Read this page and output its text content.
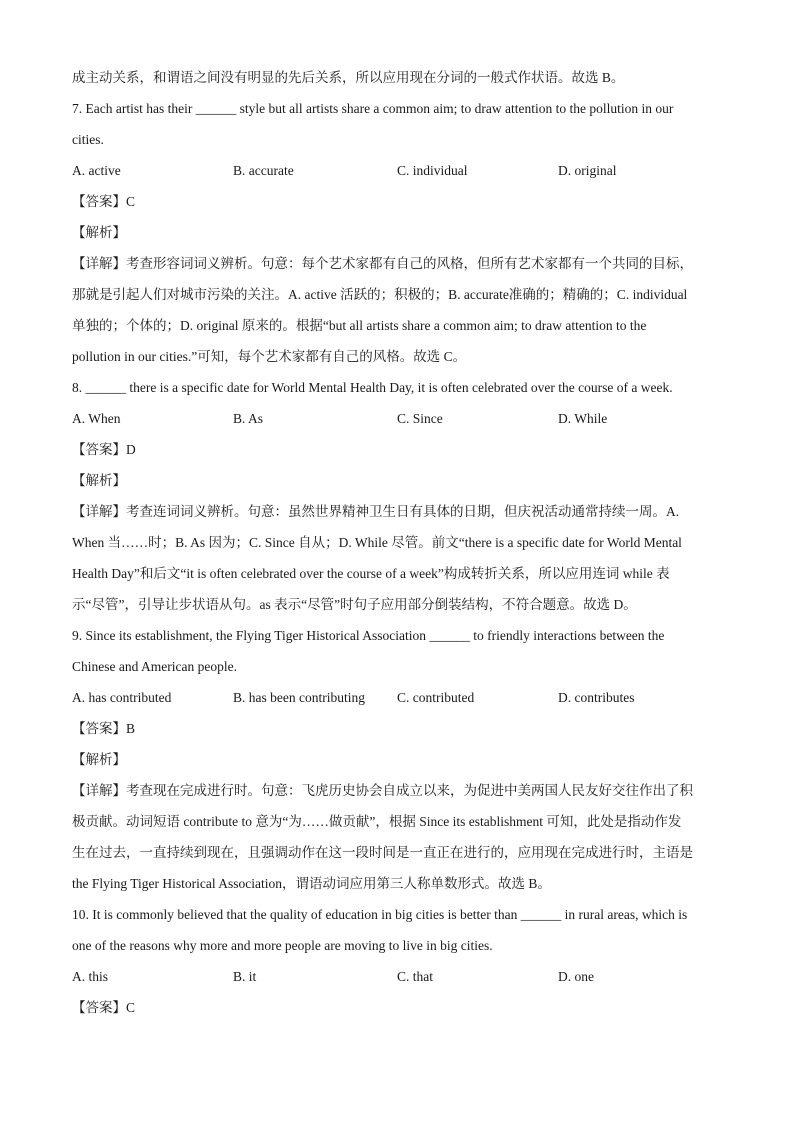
成主动关系，和谓语之间没有明显的先后关系，所以应用现在分词的一般式作状语。故选 B。
7. Each artist has their ______ style but all artists share a common aim; to draw attention to the pollution in our
cities.
A. active	B. accurate	C. individual	D. original
【答案】C
【解析】
【详解】考查形容词词义辨析。句意：每个艺术家都有自己的风格，但所有艺术家都有一个共同的目标，
那就是引起人们对城市污染的关注。A. active 活跃的；积极的；B. accurate准确的；精确的；C. individual
单独的；个体的；D. original 原来的。根据“but all artists share a common aim; to draw attention to the
pollution in our cities.”可知，每个艺术家都有自己的风格。故选 C。
8. ______ there is a specific date for World Mental Health Day, it is often celebrated over the course of a week.
A. When	B. As	C. Since	D. While
【答案】D
【解析】
【详解】考查连词词义辨析。句意：虽然世界精神卫生日有具体的日期，但庆祝活动通常持续一周。A.
When 当……时；B. As 因为；C. Since 自从；D. While 尽管。前文“there is a specific date for World Mental
Health Day”和后文“it is often celebrated over the course of a week”构成转折关系，所以应用连词 while 表
示“尽管”，引导让步状语从句。as 表示“尽管”时句子应用部分倒装结构，不符合题意。故选 D。
9. Since its establishment, the Flying Tiger Historical Association ______ to friendly interactions between the
Chinese and American people.
A. has contributed	B. has been contributing	C. contributed	D. contributes
【答案】B
【解析】
【详解】考查现在完成进行时。句意：飞虎历史协会自成立以来，为促进中美两国人民友好交往作出了积
极贡献。动词短语 contribute to 意为“为……做贡献”，根据 Since its establishment 可知，此处是指动作发
生在过去，一直持续到现在，且强调动作在这一段时间是一直正在进行的，应用现在完成进行时，主语是
the Flying Tiger Historical Association，谓语动词应用第三人称单数形式。故选 B。
10. It is commonly believed that the quality of education in big cities is better than ______ in rural areas, which is
one of the reasons why more and more people are moving to live in big cities.
A. this	B. it	C. that	D. one
【答案】C
